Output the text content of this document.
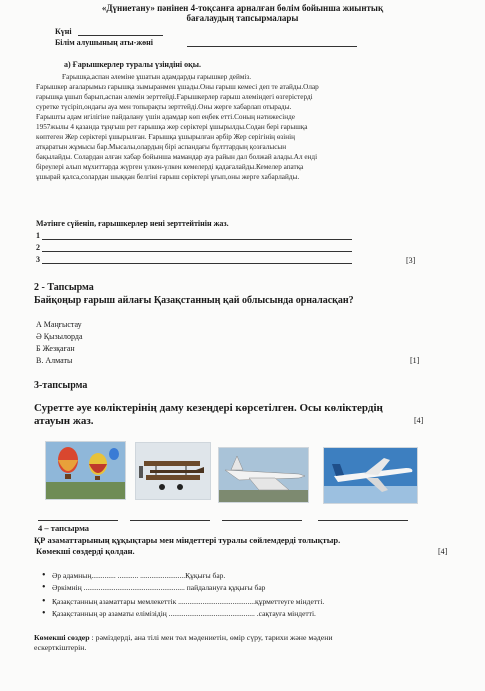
«Дүниетану» пәнінен 4-тоқсанға арналған бөлім бойынша жиынтық
бағалаудың тапсырмалары
Күні
Білім алушының аты-жөні
а) Ғарышкерлер туралы үзіндіні оқы.
Ғарышқа,аспан әлеміне ұшатын адамдарды ғарышкер дейміз.
Ғарышкер ағаларымыз ғарышқа зымыранмен ұшады.Оны ғарыш кемесі деп те атайды.Олар
ғарышқа ұшып барып,аспан әлемін зерттейді.Ғарышкерлер ғарыш әлеміндегі өзгерістерді
суретке түсіріп,ондағы ауа мен топырақты зерттейді.Оны жерге хабарлап отырады.
Ғарышты адам игілігіне пайдалану үшін адамдар көп еңбек етті.Соның нәтижесінде
1957жылы 4 қазанда тұңғыш рет ғарышқа жер серіктері ұшырылды.Содан бері ғарышқа
көптеген Жер серіктері ұшырылған. Ғарышқа ұшырылған әрбір Жер серігінің өзінің
атқаратын жұмысы бар.Мысалы,олардың бірі аспандағы бұлттардың қозғалысын
бақылайды. Солардан алған хабар бойынша мамандар ауа райын дал болжай алады.Ал енді
біреулері алып мұхиттарда жүрген үлкен-үлкен кемелерді қадағалайды.Кемелер апатқа
ұшырай қалса,солардан шыққан белгіні ғарыш серіктері ұғып,оны жерге хабарлайды.
Мәтінге сүйеніп, ғарышкерлер нені зерттейтінін жаз.
1
2
3	[3]
2 - Тапсырма
Байқоңыр ғарыш айлағы Қазақстанның қай облысында орналасқан?
А Маңғыстау
Ә Қызылорда
Б Жезқаған
В. Алматы	[1]
3-тапсырма
Суретте әуе көліктерінің даму кезеңдері көрсетілген. Осы көліктердің
атауын жаз.	[4]
4 – тапсырма
ҚР азаматтарының құқықтары мен міндеттері туралы сөйлемдерді толықтыр.
Көмекші сөздерді қолдан.	[4]
• Әр адамның............. ........... ........................Құқығы бар.
• Әркімнің ...................................................... пайдалануға құқығы бар
• Қазақстанның азаматтары мемлекеттік .........................................құрметтеуге міндетті.
• Қазақстанның әр азаматы елімізідің .............................................. .сақтауға міндетті.
Көмекші сөздер : рәміздерді, ана тілі мен төл мәдениетін, өмір сүру, тарихи және мәдени
ескерткіштерін.
